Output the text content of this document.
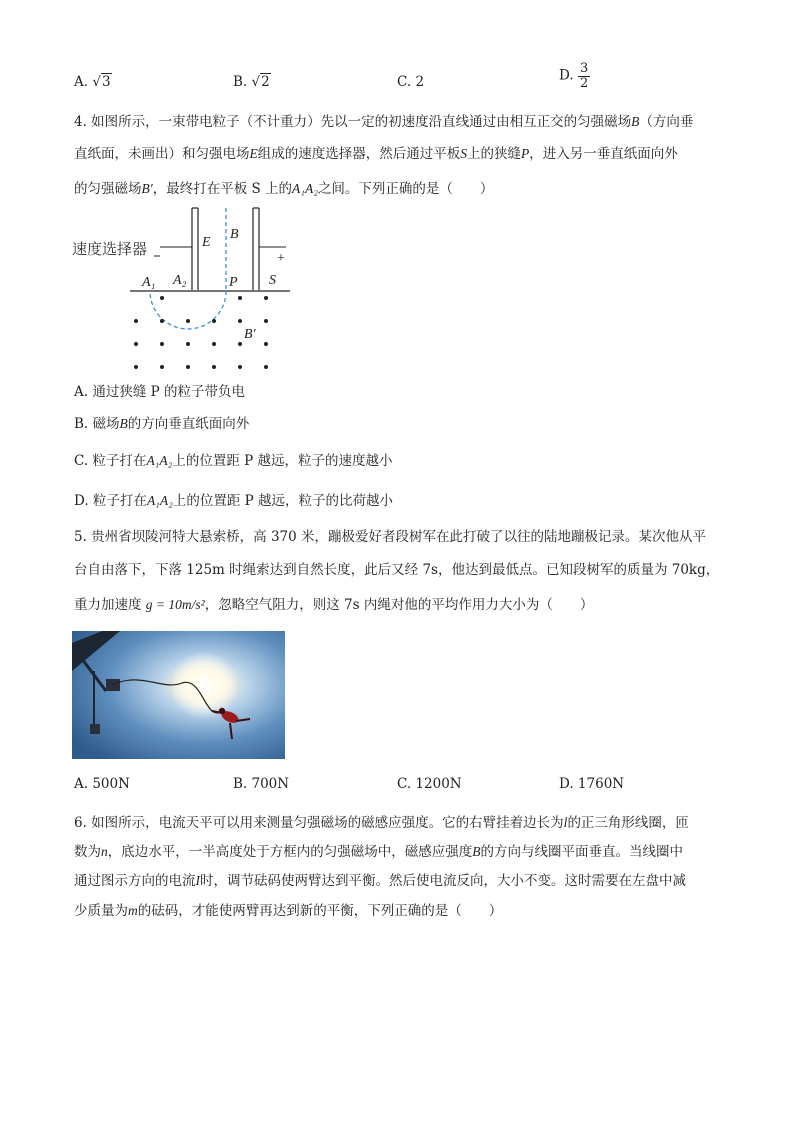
A. √3	B. √2	C. 2	D. $\frac{3}{2}$
4. 如图所示，一束带电粒子（不计重力）先以一定的初速度沿直线通过由相互正交的匀强磁场B（方向垂
直纸面，未画出）和匀强电场E组成的速度选择器，然后通过平板S上的狭缝P，进入另一垂直纸面向外
的匀强磁场B′，最终打在平板 S 上的A₁A₂之间。下列正确的是（　　）
速度选择器	E
B
+
S
P
A₁ A₂
B′
A. 通过狭缝 P 的粒子带负电
B. 磁场B的方向垂直纸面向外
C. 粒子打在A₁A₂上的位置距 P 越远，粒子的速度越小
D. 粒子打在A₁A₂上的位置距 P 越远，粒子的比荷越小
5. 贵州省坝陵河特大悬索桥，高 370 米，蹦极爱好者段树军在此打破了以往的陆地蹦极记录。某次他从平
台自由落下，下落 125m 时绳索达到自然长度，此后又经 7s，他达到最低点。已知段树军的质量为 70kg，
重力加速度 g = 10m/s²，忽略空气阻力，则这 7s 内绳对他的平均作用力大小为（　　）
A. 500N	B. 700N	C. 1200N	D. 1760N
6. 如图所示，电流天平可以用来测量匀强磁场的磁感应强度。它的右臂挂着边长为l的正三角形线圈，匝
数为n，底边水平，一半高度处于方框内的匀强磁场中，磁感应强度B的方向与线圈平面垂直。当线圈中
通过图示方向的电流I时，调节砝码使两臂达到平衡。然后使电流反向，大小不变。这时需要在左盘中减
少质量为m的砝码，才能使两臂再达到新的平衡，下列正确的是（　　）
